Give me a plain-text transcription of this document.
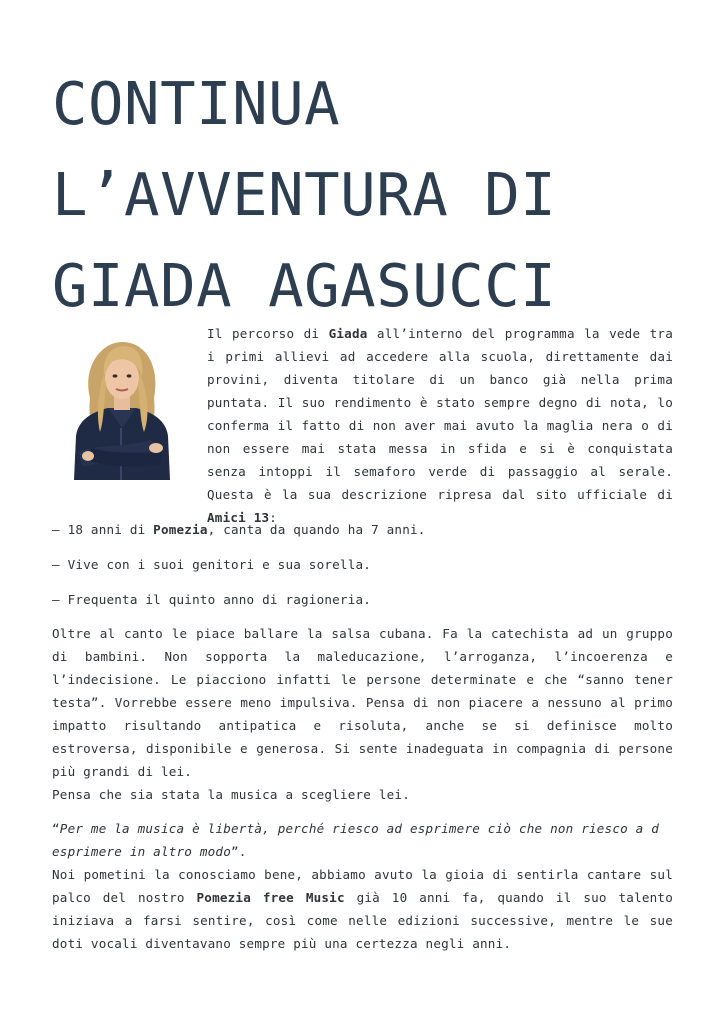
CONTINUA
L’AVVENTURA DI
GIADA AGASUCCI

Il percorso di Giada all’interno del programma la vede tra i primi allievi ad accedere alla scuola, direttamente dai provini, diventa titolare di un banco già nella prima puntata. Il suo rendimento è stato sempre degno di nota, lo conferma il fatto di non aver mai avuto la maglia nera o di non essere mai stata messa in sfida e si è conquistata senza intoppi il semaforo verde di passaggio al serale. Questa è la sua descrizione ripresa dal sito ufficiale di Amici 13:

– 18 anni di Pomezia, canta da quando ha 7 anni.

– Vive con i suoi genitori e sua sorella.

– Frequenta il quinto anno di ragioneria.

Oltre al canto le piace ballare la salsa cubana. Fa la catechista ad un gruppo di bambini. Non sopporta la maleducazione, l’arroganza, l’incoerenza e l’indecisione. Le piacciono infatti le persone determinate e che “sanno tener testa”. Vorrebbe essere meno impulsiva. Pensa di non piacere a nessuno al primo impatto risultando antipatica e risoluta, anche se si definisce molto estroversa, disponibile e generosa. Si sente inadeguata in compagnia di persone più grandi di lei.
Pensa che sia stata la musica a scegliere lei.
“Per me la musica è libertà, perché riesco ad esprimere ciò che non riesco a d esprimere in altro modo”.
Noi pometini la conosciamo bene, abbiamo avuto la gioia di sentirla cantare sul palco del nostro Pomezia free Music già 10 anni fa, quando il suo talento iniziava a farsi sentire, così come nelle edizioni successive, mentre le sue doti vocali diventavano sempre più una certezza negli anni.
